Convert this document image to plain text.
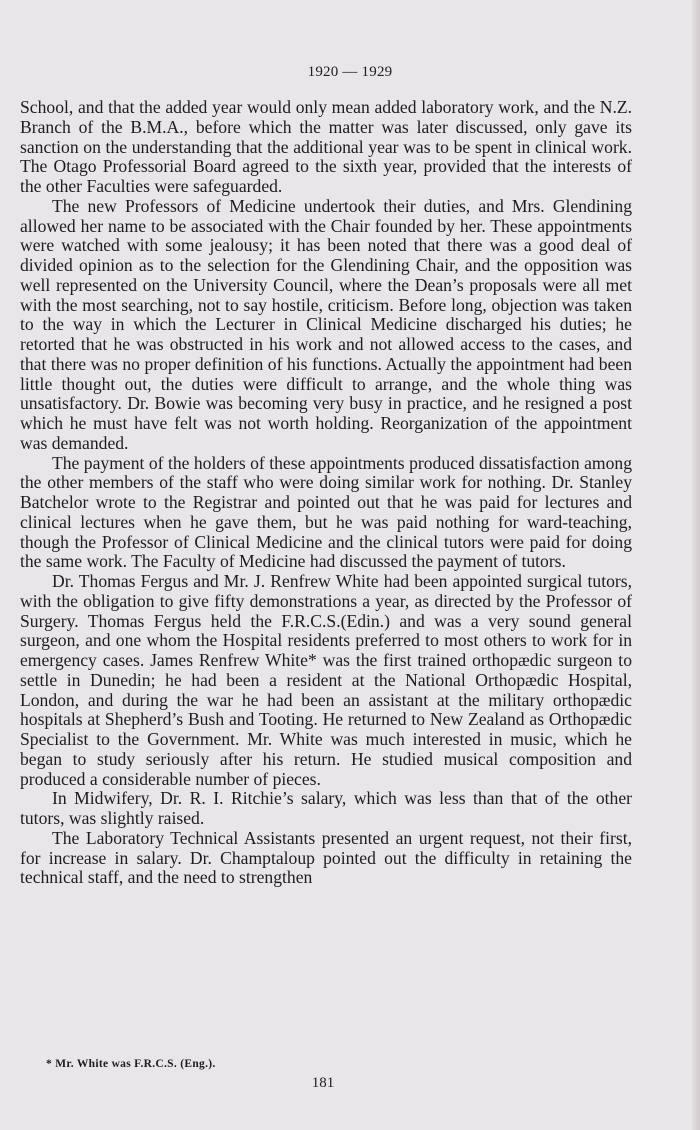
1920 — 1929

School, and that the added year would only mean added laboratory work, and the N.Z. Branch of the B.M.A., before which the matter was later discussed, only gave its sanction on the understanding that the additional year was to be spent in clinical work. The Otago Professorial Board agreed to the sixth year, provided that the interests of the other Faculties were safeguarded.

The new Professors of Medicine undertook their duties, and Mrs. Glendining allowed her name to be associated with the Chair founded by her. These appointments were watched with some jealousy; it has been noted that there was a good deal of divided opinion as to the selection for the Glendining Chair, and the opposition was well represented on the University Council, where the Dean’s proposals were all met with the most searching, not to say hostile, criticism. Before long, objection was taken to the way in which the Lecturer in Clinical Medicine discharged his duties; he retorted that he was obstructed in his work and not allowed access to the cases, and that there was no proper definition of his functions. Actually the appointment had been little thought out, the duties were difficult to arrange, and the whole thing was unsatisfactory. Dr. Bowie was becoming very busy in practice, and he resigned a post which he must have felt was not worth holding. Reorganization of the appointment was demanded.

The payment of the holders of these appointments produced dissatisfaction among the other members of the staff who were doing similar work for nothing. Dr. Stanley Batchelor wrote to the Registrar and pointed out that he was paid for lectures and clinical lectures when he gave them, but he was paid nothing for ward-teaching, though the Professor of Clinical Medicine and the clinical tutors were paid for doing the same work. The Faculty of Medicine had discussed the payment of tutors.

Dr. Thomas Fergus and Mr. J. Renfrew White had been appointed surgical tutors, with the obligation to give fifty demonstrations a year, as directed by the Professor of Surgery. Thomas Fergus held the F.R.C.S.(Edin.) and was a very sound general surgeon, and one whom the Hospital residents preferred to most others to work for in emergency cases. James Renfrew White* was the first trained orthopædic surgeon to settle in Dunedin; he had been a resident at the National Orthopædic Hospital, London, and during the war he had been an assistant at the military orthopædic hospitals at Shepherd’s Bush and Tooting. He returned to New Zealand as Orthopædic Specialist to the Government. Mr. White was much interested in music, which he began to study seriously after his return. He studied musical composition and produced a considerable number of pieces.

In Midwifery, Dr. R. I. Ritchie’s salary, which was less than that of the other tutors, was slightly raised.

The Laboratory Technical Assistants presented an urgent request, not their first, for increase in salary. Dr. Champtaloup pointed out the difficulty in retaining the technical staff, and the need to strengthen

* Mr. White was F.R.C.S. (Eng.).
181
